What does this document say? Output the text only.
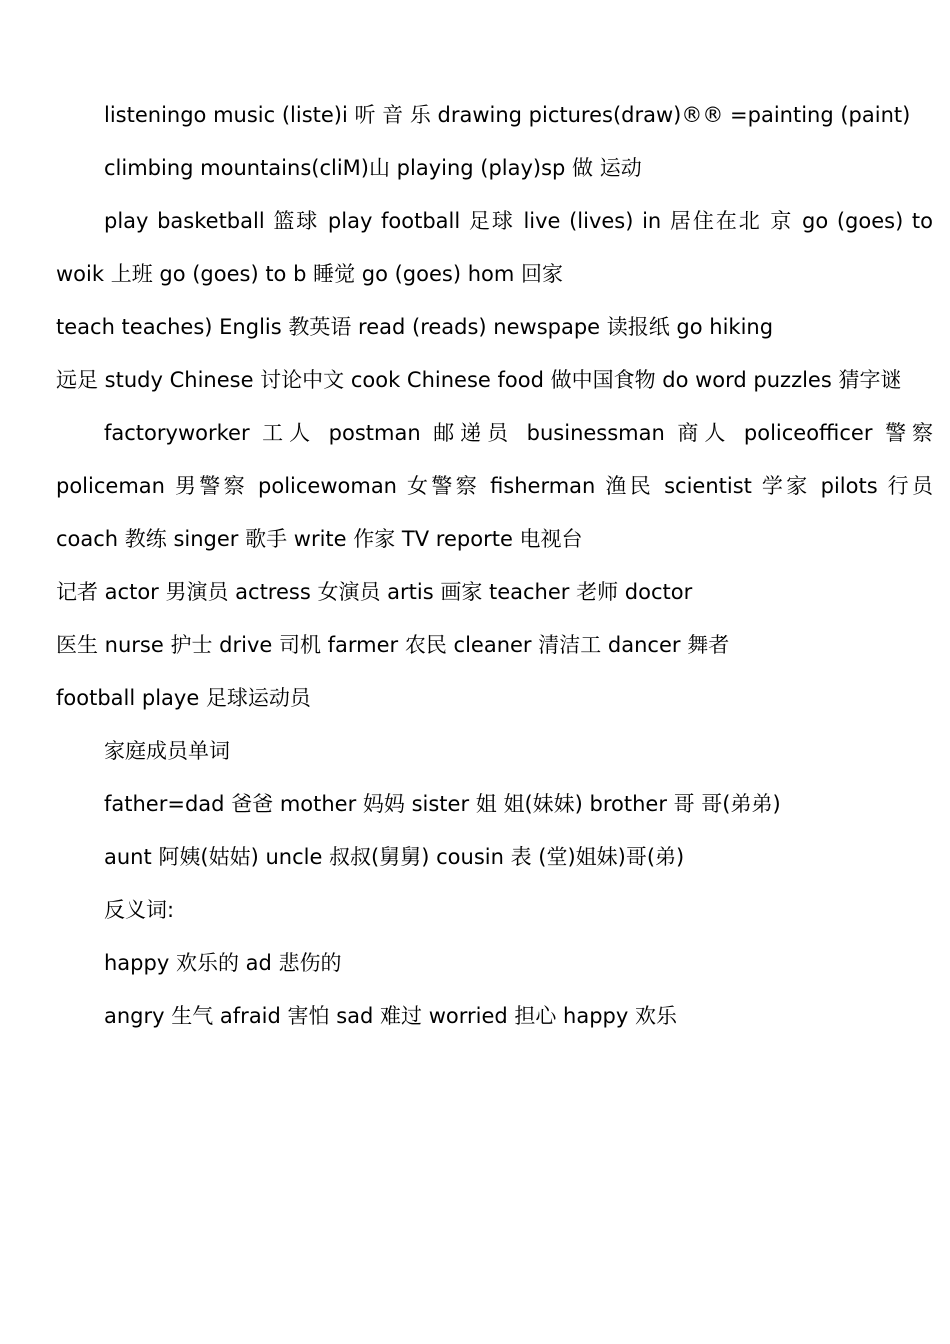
listeningo music (liste)i 听 音 乐 drawing pictures(draw)®® =painting (paint)

climbing mountains(cliM)山 playing (play)sp 做 运动

play basketball 篮球 play football 足球 live (lives) in 居住在北 京 go (goes) to woik 上班 go (goes) to b 睡觉 go (goes) hom 回家

teach teaches) Englis 教英语 read (reads) newspape 读报纸 go hiking

远足 study Chinese 讨论中文 cook Chinese food 做中国食物 do word puzzles 猜字谜

factoryworker 工人 postman 邮递员 businessman 商人 policeofficer 警察 policeman 男警察 policewoman 女警察 fisherman 渔民 scientist 学家 pilots 行员 coach 教练 singer 歌手 write 作家 TV reporte 电视台

记者 actor 男演员 actress 女演员 artis 画家 teacher 老师 doctor

医生 nurse 护士 drive 司机 farmer 农民 cleaner 清洁工 dancer 舞者

football playe 足球运动员

家庭成员单词

father=dad 爸爸 mother 妈妈 sister 姐 姐(妹妹) brother 哥 哥(弟弟)

aunt 阿姨(姑姑) uncle 叔叔(舅舅) cousin 表 (堂)姐妹)哥(弟)

反义词:

happy 欢乐的 ad 悲伤的

angry 生气 afraid 害怕 sad 难过 worried 担心 happy 欢乐
